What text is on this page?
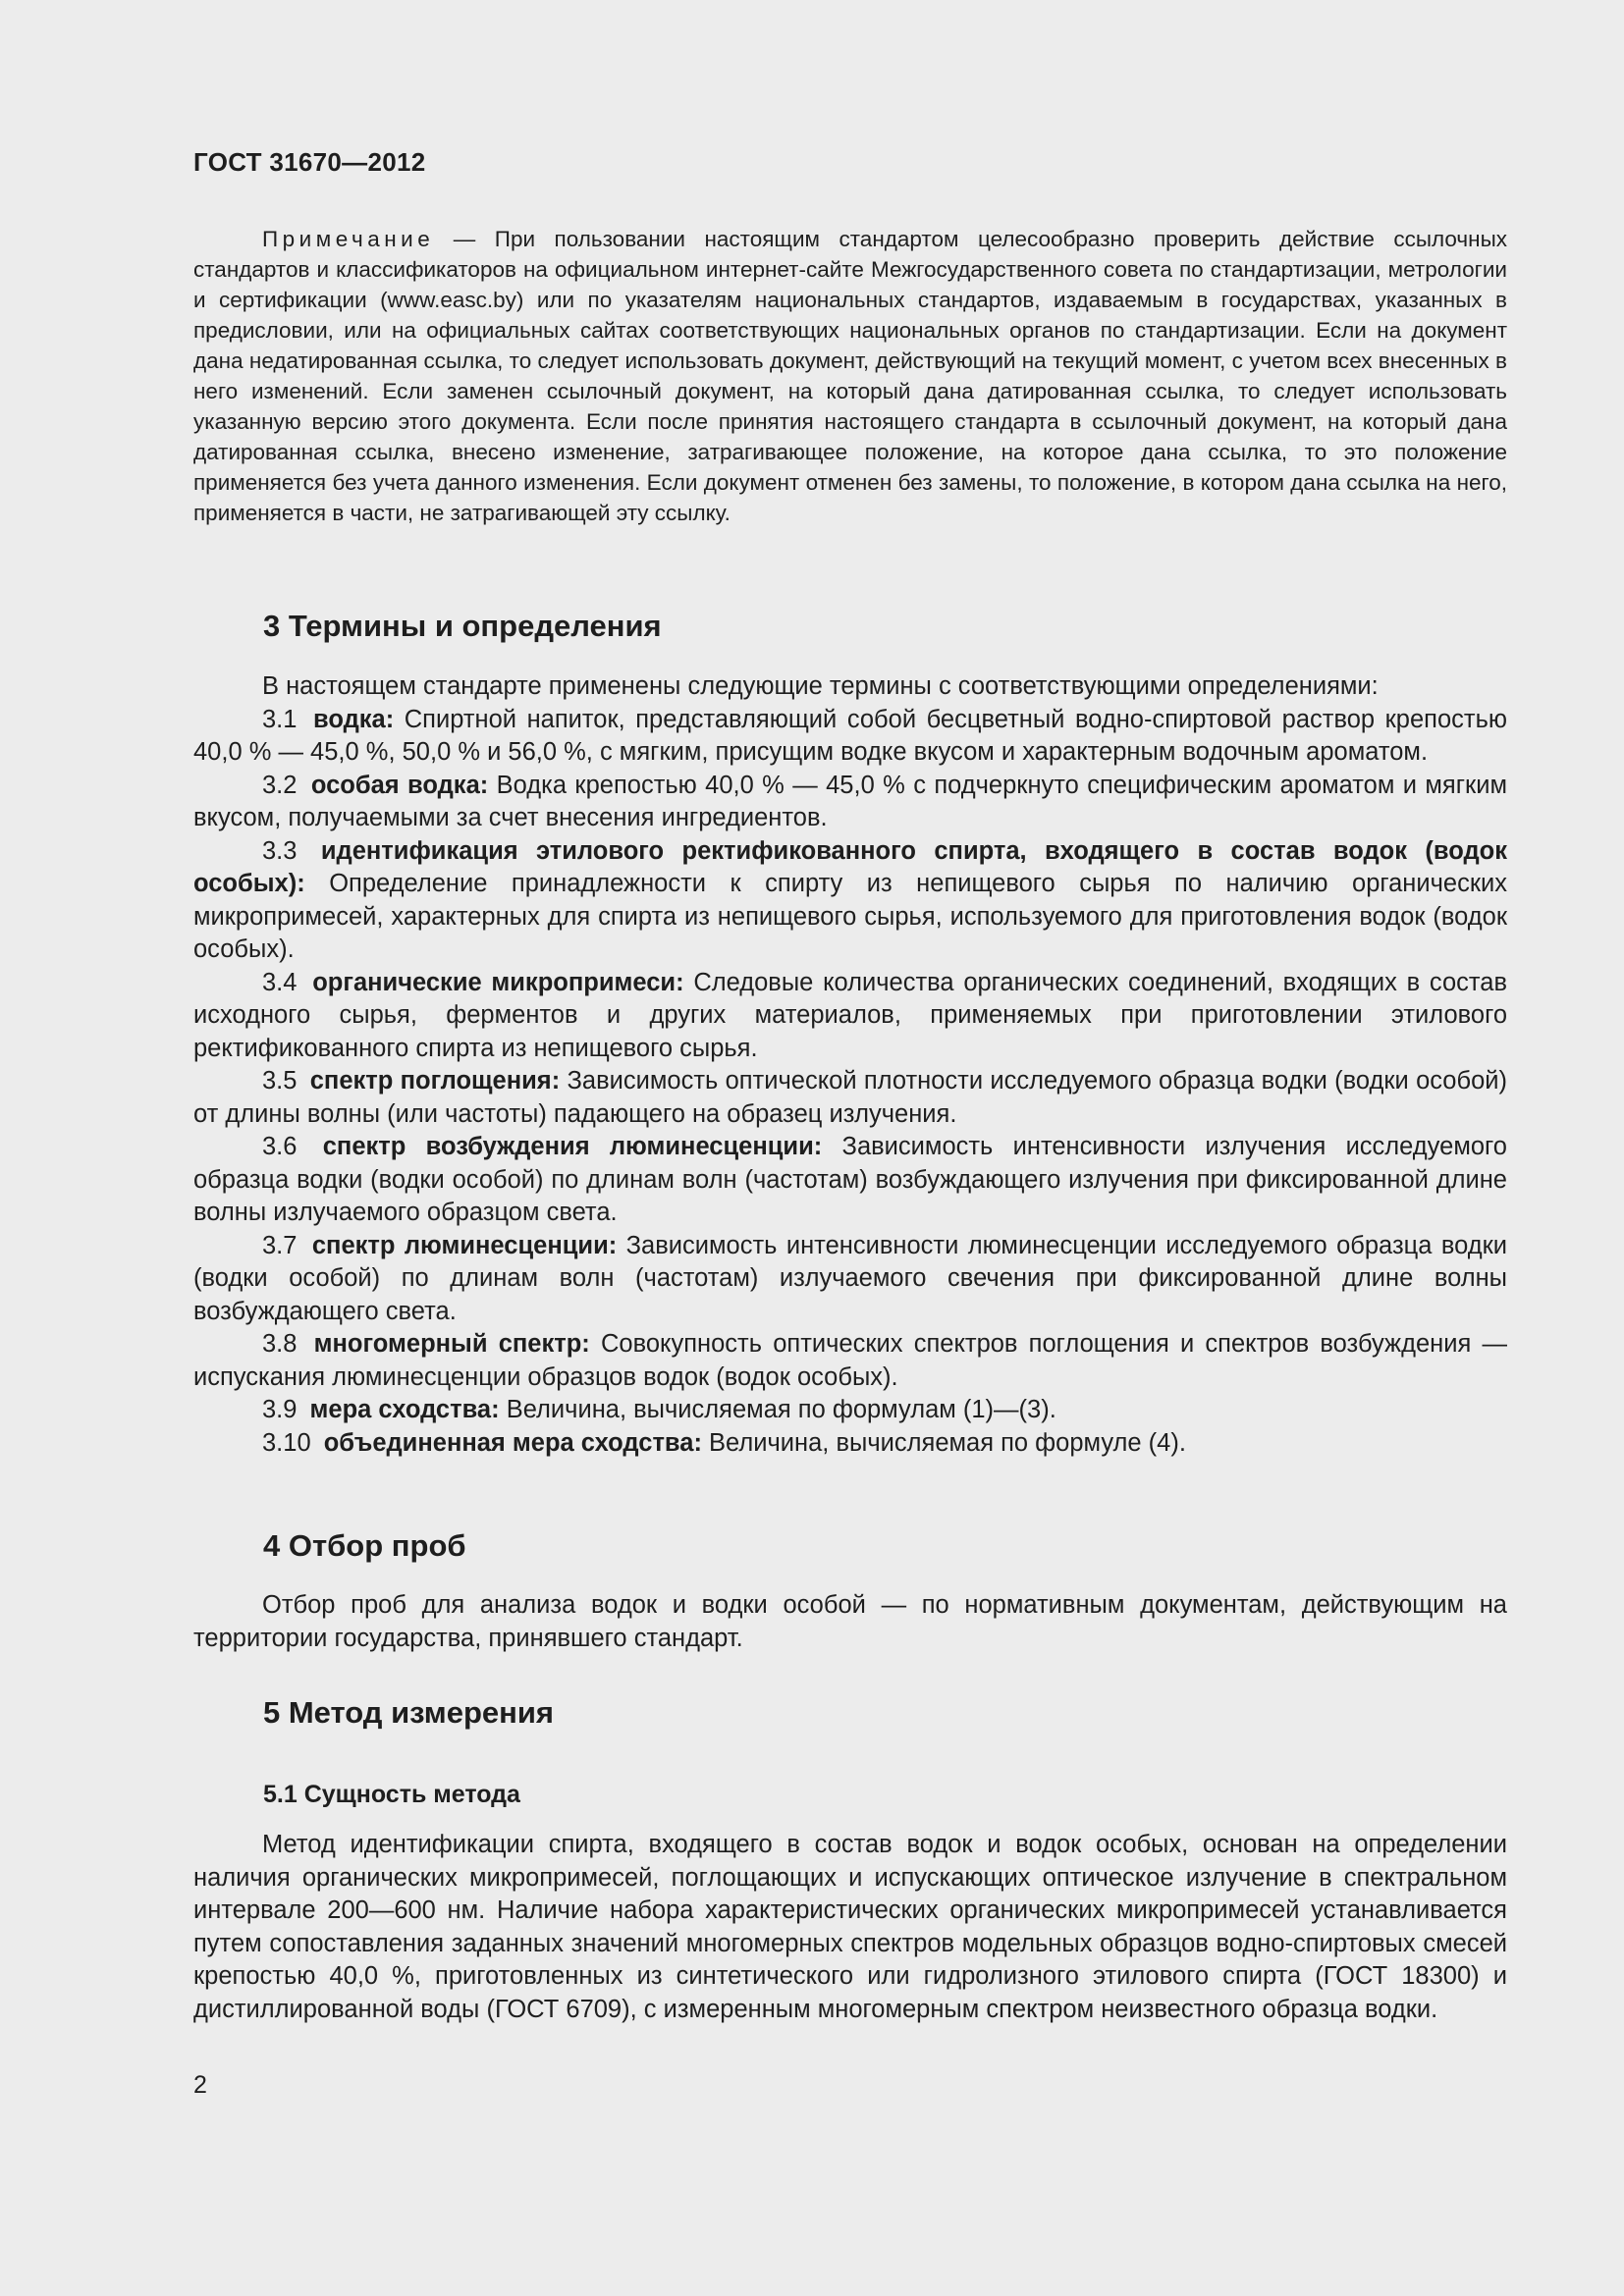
ГОСТ 31670—2012
Примечание — При пользовании настоящим стандартом целесообразно проверить действие ссылочных стандартов и классификаторов на официальном интернет-сайте Межгосударственного совета по стандартизации, метрологии и сертификации (www.easc.by) или по указателям национальных стандартов, издаваемым в государствах, указанных в предисловии, или на официальных сайтах соответствующих национальных органов по стандартизации. Если на документ дана недатированная ссылка, то следует использовать документ, действующий на текущий момент, с учетом всех внесенных в него изменений. Если заменен ссылочный документ, на который дана датированная ссылка, то следует использовать указанную версию этого документа. Если после принятия настоящего стандарта в ссылочный документ, на который дана датированная ссылка, внесено изменение, затрагивающее положение, на которое дана ссылка, то это положение применяется без учета данного изменения. Если документ отменен без замены, то положение, в котором дана ссылка на него, применяется в части, не затрагивающей эту ссылку.
3 Термины и определения

В настоящем стандарте применены следующие термины с соответствующими определениями:

3.1 водка: Спиртной напиток, представляющий собой бесцветный водно-спиртовой раствор крепостью 40,0 % — 45,0 %, 50,0 % и 56,0 %, с мягким, присущим водке вкусом и характерным водочным ароматом.

3.2 особая водка: Водка крепостью 40,0 % — 45,0 % с подчеркнуто специфическим ароматом и мягким вкусом, получаемыми за счет внесения ингредиентов.

3.3 идентификация этилового ректификованного спирта, входящего в состав водок (водок особых): Определение принадлежности к спирту из непищевого сырья по наличию органических микропримесей, характерных для спирта из непищевого сырья, используемого для приготовления водок (водок особых).

3.4 органические микропримеси: Следовые количества органических соединений, входящих в состав исходного сырья, ферментов и других материалов, применяемых при приготовлении этилового ректификованного спирта из непищевого сырья.

3.5 спектр поглощения: Зависимость оптической плотности исследуемого образца водки (водки особой) от длины волны (или частоты) падающего на образец излучения.

3.6 спектр возбуждения люминесценции: Зависимость интенсивности излучения исследуемого образца водки (водки особой) по длинам волн (частотам) возбуждающего излучения при фиксированной длине волны излучаемого образцом света.

3.7 спектр люминесценции: Зависимость интенсивности люминесценции исследуемого образца водки (водки особой) по длинам волн (частотам) излучаемого свечения при фиксированной длине волны возбуждающего света.

3.8 многомерный спектр: Совокупность оптических спектров поглощения и спектров возбуждения — испускания люминесценции образцов водок (водок особых).

3.9 мера сходства: Величина, вычисляемая по формулам (1)—(3).

3.10 объединенная мера сходства: Величина, вычисляемая по формуле (4).

4 Отбор проб

Отбор проб для анализа водок и водки особой — по нормативным документам, действующим на территории государства, принявшего стандарт.

5 Метод измерения
5.1 Сущность метода

Метод идентификации спирта, входящего в состав водок и водок особых, основан на определении наличия органических микропримесей, поглощающих и испускающих оптическое излучение в спектральном интервале 200—600 нм. Наличие набора характеристических органических микропримесей устанавливается путем сопоставления заданных значений многомерных спектров модельных образцов водно-спиртовых смесей крепостью 40,0 %, приготовленных из синтетического или гидролизного этилового спирта (ГОСТ 18300) и дистиллированной воды (ГОСТ 6709), с измеренным многомерным спектром неизвестного образца водки.

2
